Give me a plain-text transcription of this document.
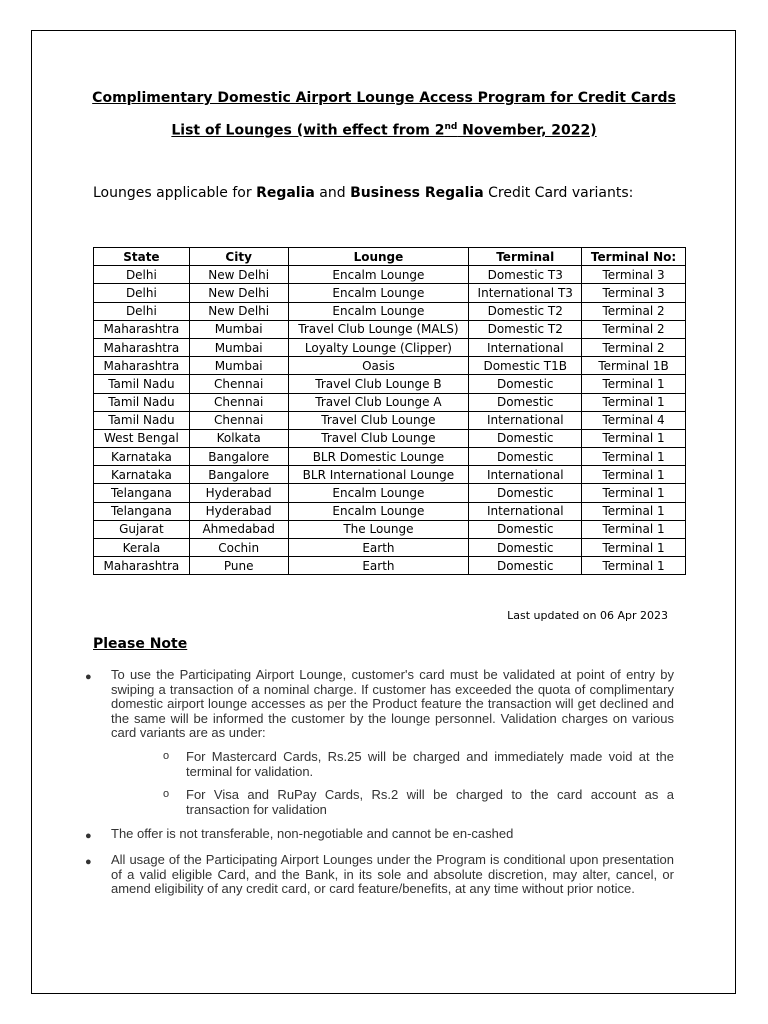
Complimentary Domestic Airport Lounge Access Program for Credit Cards
List of Lounges (with effect from 2nd November, 2022)
Lounges applicable for Regalia and Business Regalia Credit Card variants:
State	City	Lounge	Terminal	Terminal No:
Delhi	New Delhi	Encalm Lounge	Domestic T3	Terminal 3
Delhi	New Delhi	Encalm Lounge	International T3	Terminal 3
Delhi	New Delhi	Encalm Lounge	Domestic T2	Terminal 2
Maharashtra	Mumbai	Travel Club Lounge (MALS)	Domestic T2	Terminal 2
Maharashtra	Mumbai	Loyalty Lounge (Clipper)	International	Terminal 2
Maharashtra	Mumbai	Oasis	Domestic T1B	Terminal 1B
Tamil Nadu	Chennai	Travel Club Lounge B	Domestic	Terminal 1
Tamil Nadu	Chennai	Travel Club Lounge A	Domestic	Terminal 1
Tamil Nadu	Chennai	Travel Club Lounge	International	Terminal 4
West Bengal	Kolkata	Travel Club Lounge	Domestic	Terminal 1
Karnataka	Bangalore	BLR Domestic Lounge	Domestic	Terminal 1
Karnataka	Bangalore	BLR International Lounge	International	Terminal 1
Telangana	Hyderabad	Encalm Lounge	Domestic	Terminal 1
Telangana	Hyderabad	Encalm Lounge	International	Terminal 1
Gujarat	Ahmedabad	The Lounge	Domestic	Terminal 1
Kerala	Cochin	Earth	Domestic	Terminal 1
Maharashtra	Pune	Earth	Domestic	Terminal 1
Last updated on 06 Apr 2023
Please Note
● To use the Participating Airport Lounge, customer's card must be validated at point of entry by swiping a transaction of a nominal charge. If customer has exceeded the quota of complimentary domestic airport lounge accesses as per the Product feature the transaction will get declined and the same will be informed the customer by the lounge personnel. Validation charges on various card variants are as under:
o For Mastercard Cards, Rs.25 will be charged and immediately made void at the terminal for validation.
o For Visa and RuPay Cards, Rs.2 will be charged to the card account as a transaction for validation
● The offer is not transferable, non-negotiable and cannot be en-cashed
● All usage of the Participating Airport Lounges under the Program is conditional upon presentation of a valid eligible Card, and the Bank, in its sole and absolute discretion, may alter, cancel, or amend eligibility of any credit card, or card feature/benefits, at any time without prior notice.
